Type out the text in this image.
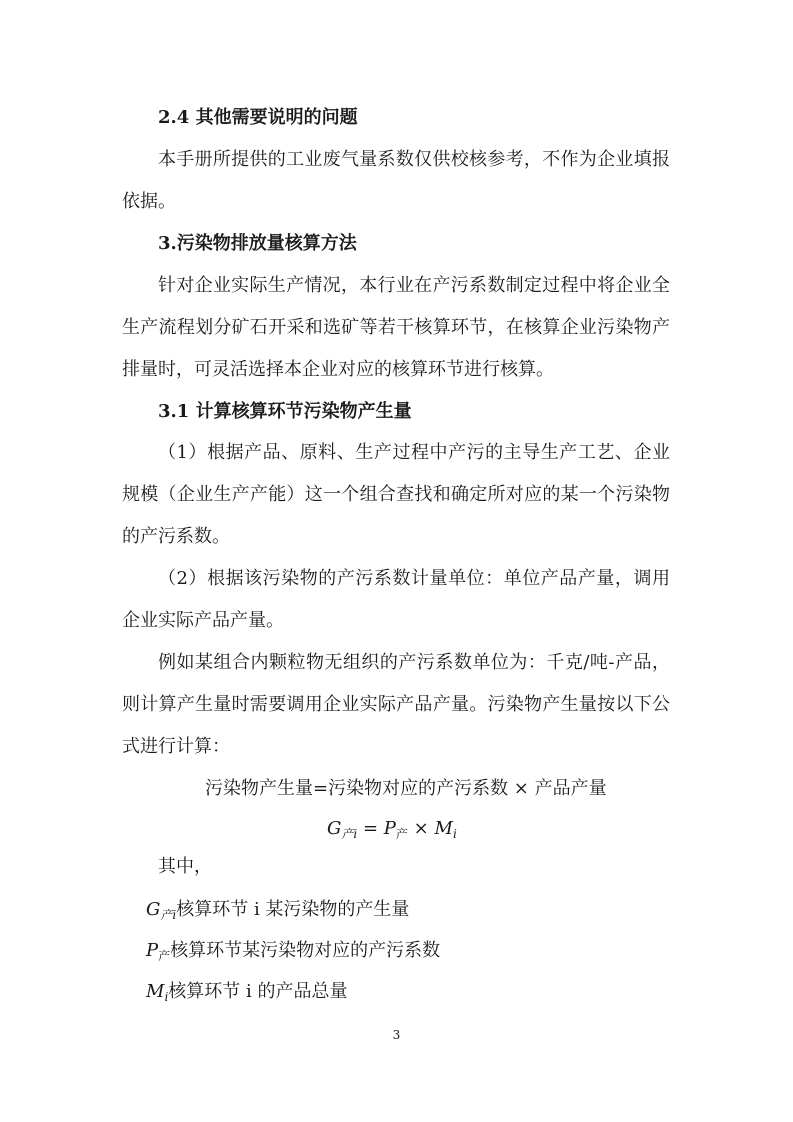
2.4 其他需要说明的问题
本手册所提供的工业废气量系数仅供校核参考，不作为企业填报
依据。
3.污染物排放量核算方法
针对企业实际生产情况，本行业在产污系数制定过程中将企业全
生产流程划分矿石开采和选矿等若干核算环节，在核算企业污染物产
排量时，可灵活选择本企业对应的核算环节进行核算。
3.1 计算核算环节污染物产生量
（1）根据产品、原料、生产过程中产污的主导生产工艺、企业
规模（企业生产产能）这一个组合查找和确定所对应的某一个污染物
的产污系数。
（2）根据该污染物的产污系数计量单位：单位产品产量，调用
企业实际产品产量。
例如某组合内颗粒物无组织的产污系数单位为：千克/吨-产品，
则计算产生量时需要调用企业实际产品产量。污染物产生量按以下公
式进行计算：
污染物产生量=污染物对应的产污系数 × 产品产量
$G_{产i} = P_产 \times M_i$
其中，
$G_{产i}$核算环节 i 某污染物的产生量
$P_产$核算环节某污染物对应的产污系数
$M_i$核算环节 i 的产品总量
3
